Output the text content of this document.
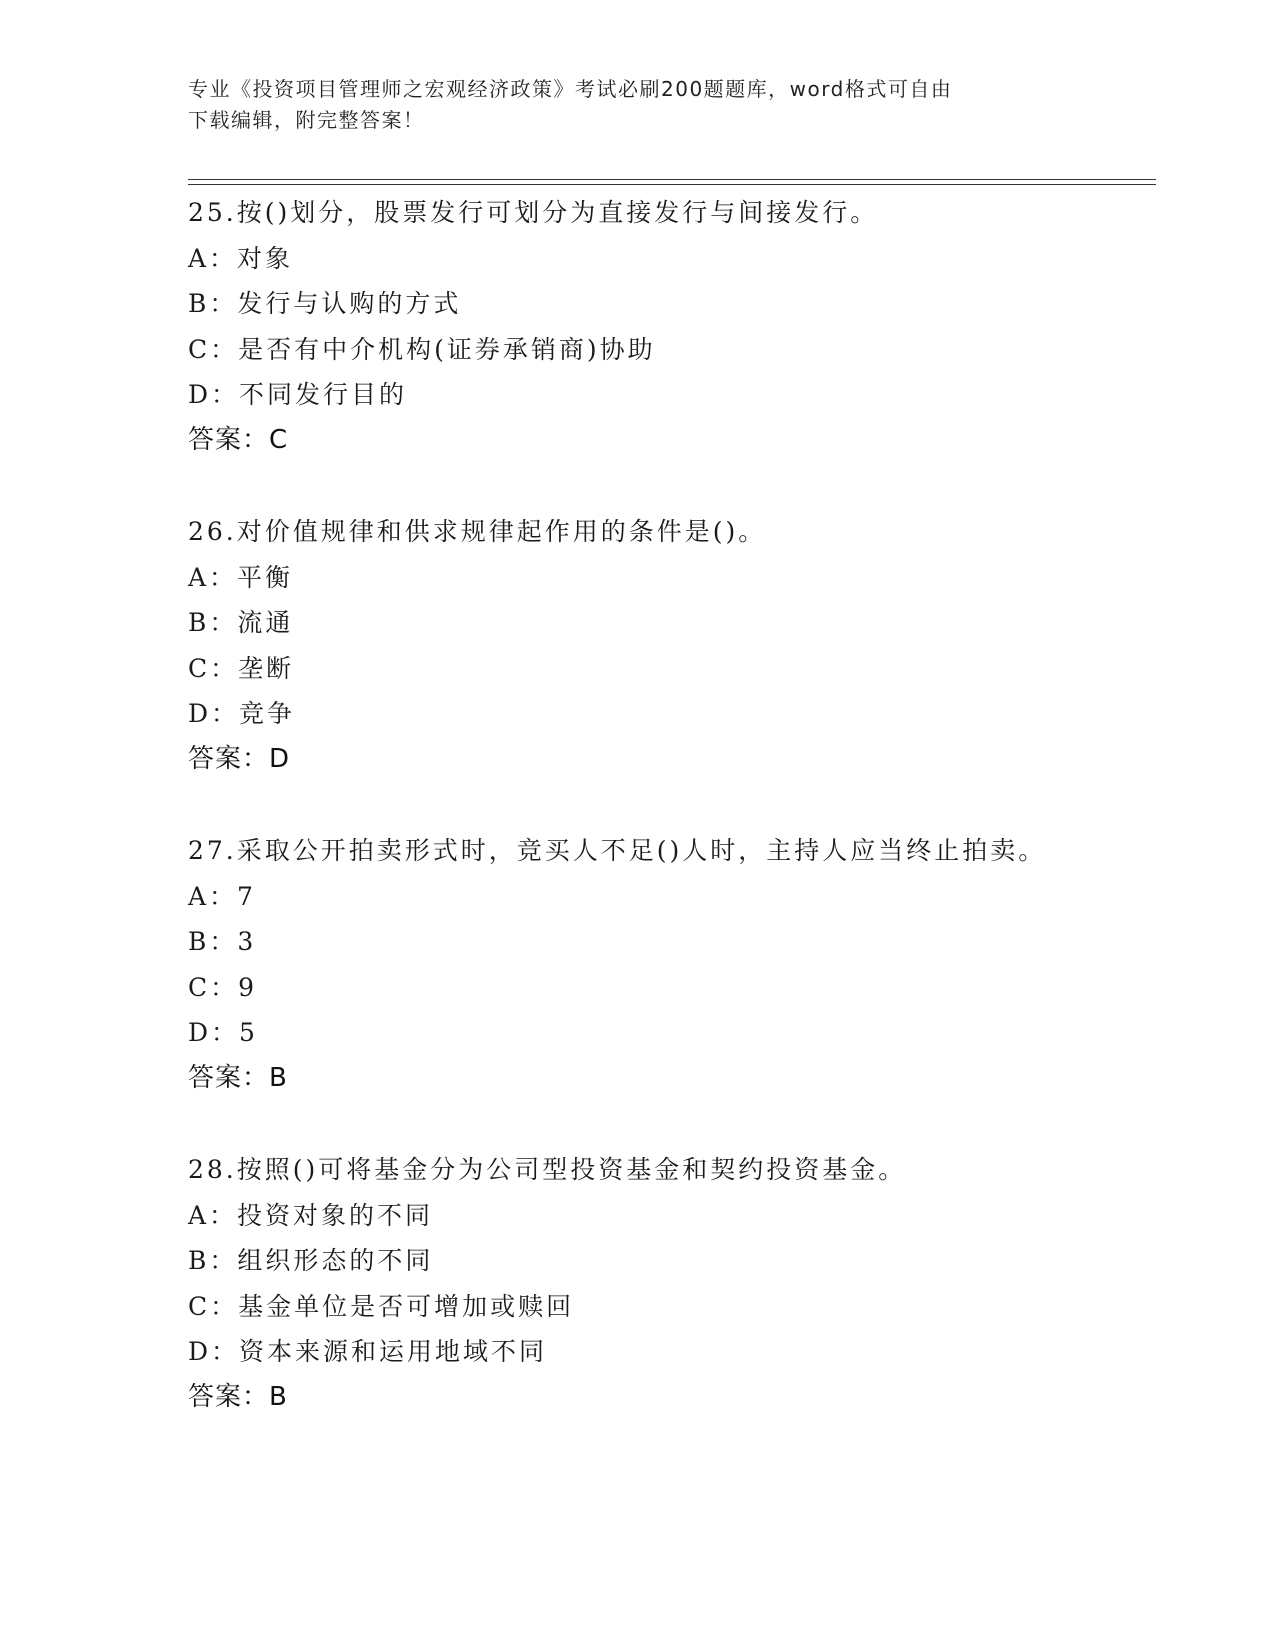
专业《投资项目管理师之宏观经济政策》考试必刷200题题库，word格式可自由
下载编辑，附完整答案！
25.按()划分，股票发行可划分为直接发行与间接发行。
A：对象
B：发行与认购的方式
C：是否有中介机构(证券承销商)协助
D：不同发行目的
答案：C
26.对价值规律和供求规律起作用的条件是()。
A：平衡
B：流通
C：垄断
D：竞争
答案：D
27.采取公开拍卖形式时，竞买人不足()人时，主持人应当终止拍卖。
A：7
B：3
C：9
D：5
答案：B
28.按照()可将基金分为公司型投资基金和契约投资基金。
A：投资对象的不同
B：组织形态的不同
C：基金单位是否可增加或赎回
D：资本来源和运用地域不同
答案：B
